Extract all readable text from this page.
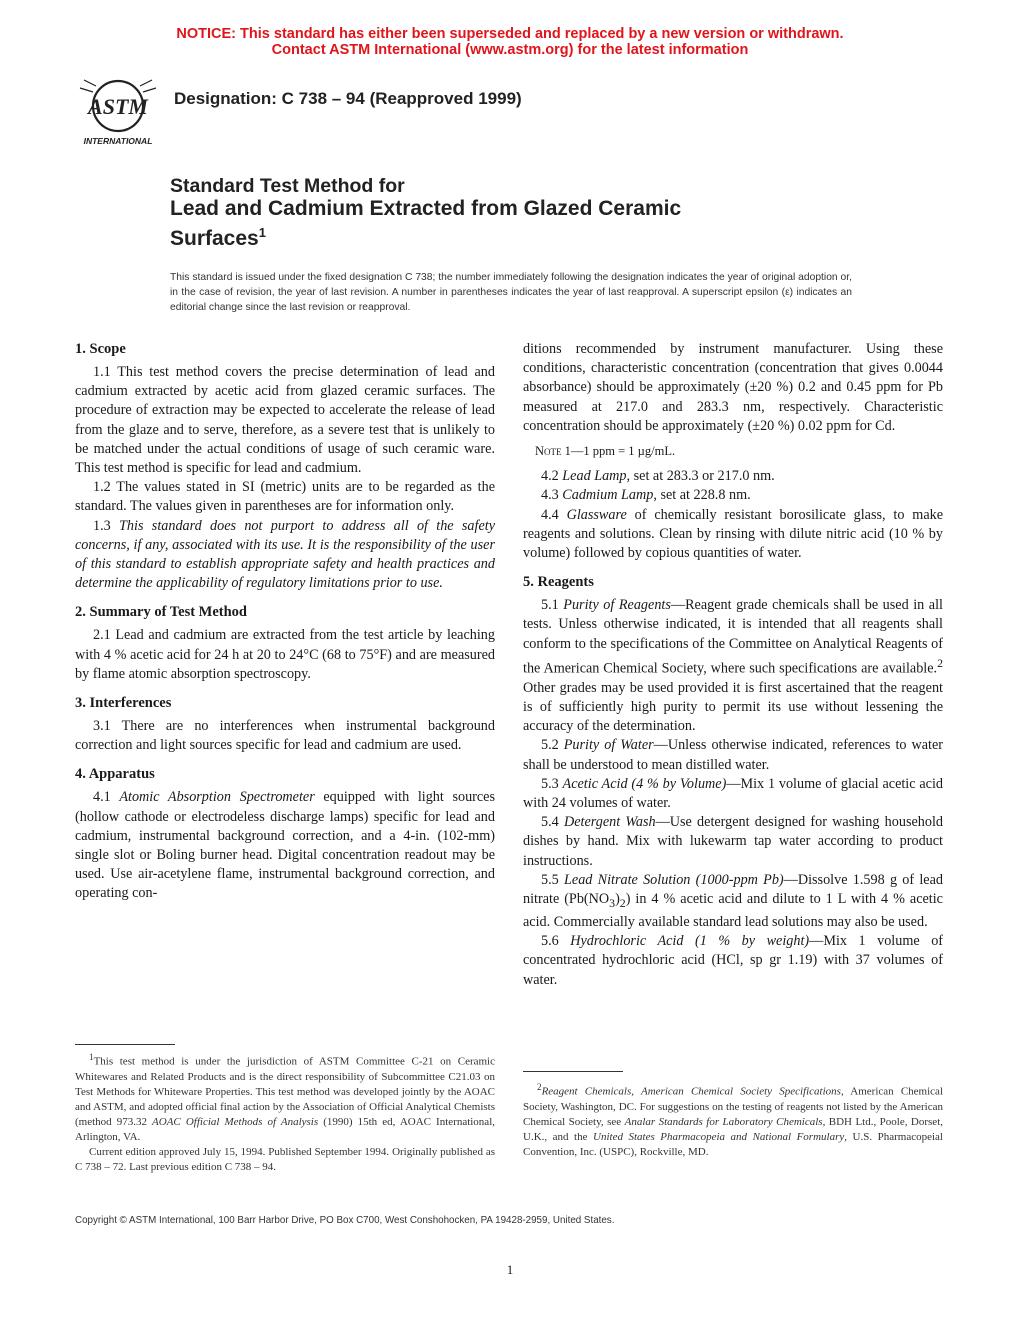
NOTICE: This standard has either been superseded and replaced by a new version or withdrawn.
Contact ASTM International (www.astm.org) for the latest information
ASTM
INTERNATIONAL
Designation: C 738 – 94 (Reapproved 1999)
Standard Test Method for
Lead and Cadmium Extracted from Glazed Ceramic
Surfaces$^1$
This standard is issued under the fixed designation C 738; the number immediately following the designation indicates the year of original adoption or, in the case of revision, the year of last revision. A number in parentheses indicates the year of last reapproval. A superscript epsilon (ε) indicates an editorial change since the last revision or reapproval.
1. Scope

1.1 This test method covers the precise determination of lead and cadmium extracted by acetic acid from glazed ceramic surfaces. The procedure of extraction may be expected to accelerate the release of lead from the glaze and to serve, therefore, as a severe test that is unlikely to be matched under the actual conditions of usage of such ceramic ware. This test method is specific for lead and cadmium.

1.2 The values stated in SI (metric) units are to be regarded as the standard. The values given in parentheses are for information only.

1.3 This standard does not purport to address all of the safety concerns, if any, associated with its use. It is the responsibility of the user of this standard to establish appropriate safety and health practices and determine the applicability of regulatory limitations prior to use.

2. Summary of Test Method

2.1 Lead and cadmium are extracted from the test article by leaching with 4 % acetic acid for 24 h at 20 to 24°C (68 to 75°F) and are measured by flame atomic absorption spectroscopy.

3. Interferences

3.1 There are no interferences when instrumental background correction and light sources specific for lead and cadmium are used.

4. Apparatus

4.1 Atomic Absorption Spectrometer equipped with light sources (hollow cathode or electrodeless discharge lamps) specific for lead and cadmium, instrumental background correction, and a 4-in. (102-mm) single slot or Boling burner head. Digital concentration readout may be used. Use air-acetylene flame, instrumental background correction, and operating con-

$^1$This test method is under the jurisdiction of ASTM Committee C-21 on Ceramic Whitewares and Related Products and is the direct responsibility of Subcommittee C21.03 on Test Methods for Whiteware Properties. This test method was developed jointly by the AOAC and ASTM, and adopted official final action by the Association of Official Analytical Chemists (method 973.32 AOAC Official Methods of Analysis (1990) 15th ed, AOAC International, Arlington, VA.

Current edition approved July 15, 1994. Published September 1994. Originally published as C 738 – 72. Last previous edition C 738 – 94.

ditions recommended by instrument manufacturer. Using these conditions, characteristic concentration (concentration that gives 0.0044 absorbance) should be approximately (±20 %) 0.2 and 0.45 ppm for Pb measured at 217.0 and 283.3 nm, respectively. Characteristic concentration should be approximately (±20 %) 0.02 ppm for Cd.

Note 1—1 ppm = 1 µg/mL.

4.2 Lead Lamp, set at 283.3 or 217.0 nm.

4.3 Cadmium Lamp, set at 228.8 nm.

4.4 Glassware of chemically resistant borosilicate glass, to make reagents and solutions. Clean by rinsing with dilute nitric acid (10 % by volume) followed by copious quantities of water.

5. Reagents

5.1 Purity of Reagents—Reagent grade chemicals shall be used in all tests. Unless otherwise indicated, it is intended that all reagents shall conform to the specifications of the Committee on Analytical Reagents of the American Chemical Society, where such specifications are available.$^2$ Other grades may be used provided it is first ascertained that the reagent is of sufficiently high purity to permit its use without lessening the accuracy of the determination.

5.2 Purity of Water—Unless otherwise indicated, references to water shall be understood to mean distilled water.

5.3 Acetic Acid (4 % by Volume)—Mix 1 volume of glacial acetic acid with 24 volumes of water.

5.4 Detergent Wash—Use detergent designed for washing household dishes by hand. Mix with lukewarm tap water according to product instructions.

5.5 Lead Nitrate Solution (1000-ppm Pb)—Dissolve 1.598 g of lead nitrate $(Pb(NO_3)_2)$ in 4 % acetic acid and dilute to 1 L with 4 % acetic acid. Commercially available standard lead solutions may also be used.

5.6 Hydrochloric Acid (1 % by weight)—Mix 1 volume of concentrated hydrochloric acid (HCl, sp gr 1.19) with 37 volumes of water.

$^2$Reagent Chemicals, American Chemical Society Specifications, American Chemical Society, Washington, DC. For suggestions on the testing of reagents not listed by the American Chemical Society, see Analar Standards for Laboratory Chemicals, BDH Ltd., Poole, Dorset, U.K., and the United States Pharmacopeia and National Formulary, U.S. Pharmacopeial Convention, Inc. (USPC), Rockville, MD.

Copyright © ASTM International, 100 Barr Harbor Drive, PO Box C700, West Conshohocken, PA 19428-2959, United States.
1
